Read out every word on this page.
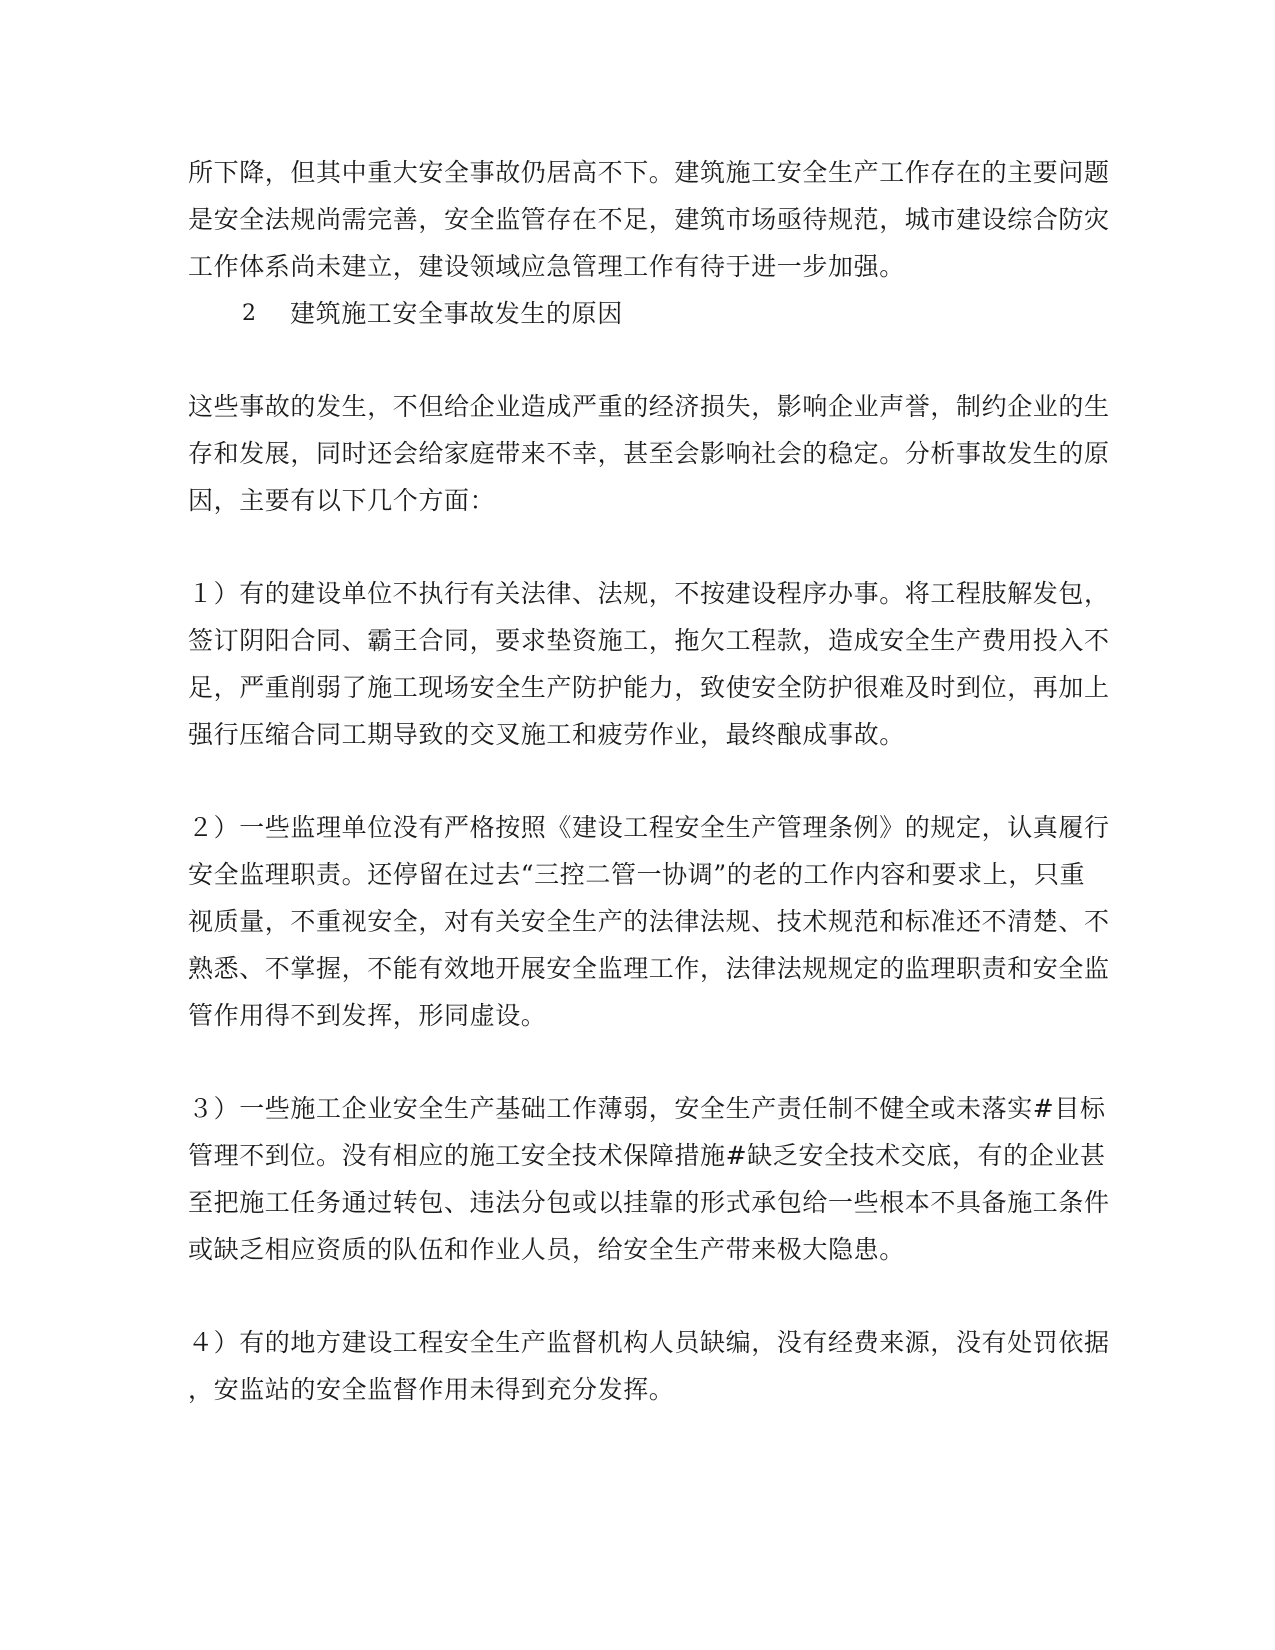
所下降，但其中重大安全事故仍居高不下。建筑施工安全生产工作存在的主要问题
是安全法规尚需完善，安全监管存在不足，建筑市场亟待规范，城市建设综合防灾
工作体系尚未建立，建设领域应急管理工作有待于进一步加强。
2 建筑施工安全事故发生的原因
这些事故的发生，不但给企业造成严重的经济损失，影响企业声誉，制约企业的生
存和发展，同时还会给家庭带来不幸，甚至会影响社会的稳定。分析事故发生的原
因，主要有以下几个方面：
１）有的建设单位不执行有关法律、法规，不按建设程序办事。将工程肢解发包，
签订阴阳合同、霸王合同，要求垫资施工，拖欠工程款，造成安全生产费用投入不
足，严重削弱了施工现场安全生产防护能力，致使安全防护很难及时到位，再加上
强行压缩合同工期导致的交叉施工和疲劳作业，最终酿成事故。
２）一些监理单位没有严格按照《建设工程安全生产管理条例》的规定，认真履行
安全监理职责。还停留在过去“三控二管一协调”的老的工作内容和要求上，只重
视质量，不重视安全，对有关安全生产的法律法规、技术规范和标准还不清楚、不
熟悉、不掌握，不能有效地开展安全监理工作，法律法规规定的监理职责和安全监
管作用得不到发挥，形同虚设。
３）一些施工企业安全生产基础工作薄弱，安全生产责任制不健全或未落实#目标
管理不到位。没有相应的施工安全技术保障措施#缺乏安全技术交底，有的企业甚
至把施工任务通过转包、违法分包或以挂靠的形式承包给一些根本不具备施工条件
或缺乏相应资质的队伍和作业人员，给安全生产带来极大隐患。
４）有的地方建设工程安全生产监督机构人员缺编，没有经费来源，没有处罚依据
，安监站的安全监督作用未得到充分发挥。
